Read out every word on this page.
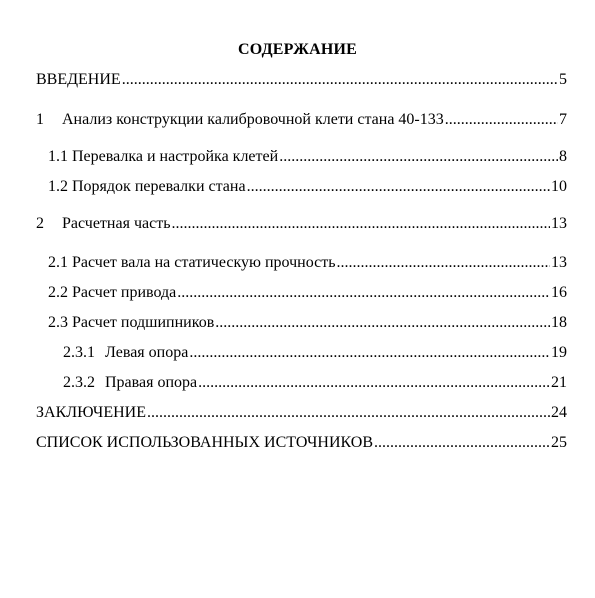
СОДЕРЖАНИЕ
ВВЕДЕНИЕ .....	5
1	Анализ конструкции калибровочной клети стана 40-133 .....	7
1.1 Перевалка и настройка клетей .....	8
1.2 Порядок перевалки стана .....	10
2	Расчетная часть .....	13
2.1 Расчет вала на статическую прочность .....	13
2.2 Расчет привода .....	16
2.3 Расчет подшипников .....	18
2.3.1 Левая опора .....	19
2.3.2 Правая опора .....	21
ЗАКЛЮЧЕНИЕ .....	24
СПИСОК ИСПОЛЬЗОВАННЫХ ИСТОЧНИКОВ .....	25
